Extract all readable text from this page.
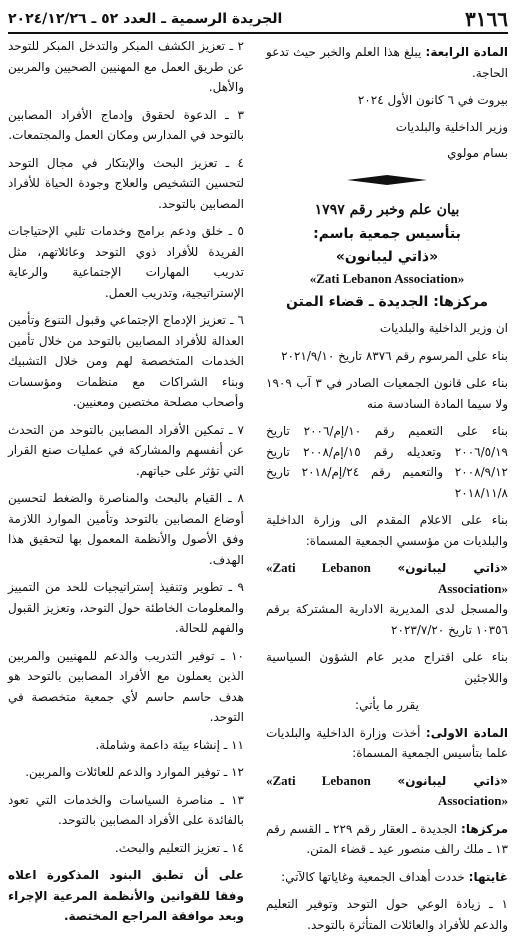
٣١٦٦
الجريدة الرسمية ـ العدد ٥٢ ـ ٢٠٢٤/١٢/٢٦

المادة الرابعة: يبلغ هذا العلم والخبر حيث تدعو الحاجة.

بيروت في ٦ كانون الأول ٢٠٢٤

وزير الداخلية والبلديات

بسام مولوي

بيان علم وخبر رقم ١٧٩٧
بتأسيس جمعية باسم:
«ذاتي ليبانون»
«Zati Lebanon Association»
مركزها: الجديدة ـ قضاء المتن

ان وزير الداخلية والبلديات

بناء على المرسوم رقم ٨٣٧٦ تاريخ ٢٠٢١/٩/١٠

بناء على قانون الجمعيات الصادر في ٣ آب ١٩٠٩ ولا سيما المادة السادسة منه

بناء على التعميم رقم ١٠/إم/٢٠٠٦ تاريخ ٢٠٠٦/٥/١٩ وتعديله رقم ١٥/إم/٢٠٠٨ تاريخ ٢٠٠٨/٩/١٢ والتعميم رقم ٢٤/إم/٢٠١٨ تاريخ ٢٠١٨/١١/٨

بناء على الاعلام المقدم الى وزارة الداخلية والبلديات من مؤسسي الجمعية المسماة:

«ذاتي ليبانون» «Zati Lebanon Association»

والمسجل لدى المديرية الادارية المشتركة برقم ١٠٣٥٦ تاريخ ٢٠٢٣/٧/٢٠

بناء على اقتراح مدير عام الشؤون السياسية واللاجئين

يقرر ما يأتي:

المادة الاولى: أخذت وزارة الداخلية والبلديات علما بتأسيس الجمعية المسماة:

«ذاتي ليبانون» «Zati Lebanon Association»

مركزها: الجديدة ـ العقار رقم ٢٢٩ ـ القسم رقم ١٣ ـ ملك رالف منصور عيد ـ قضاء المتن.

غايتها: خددت أهداف الجمعية وغاياتها كالآتي:

١ ـ زيادة الوعي حول التوحد وتوفير التعليم والدعم للأفراد والعائلات المتأثرة بالتوحد.

٢ ـ تعزيز الكشف المبكر والتدخل المبكر للتوحد عن طريق العمل مع المهنيين الصحيين والمربين والأهل.

٣ ـ الدعوة لحقوق وإدماج الأفراد المصابين بالتوحد في المدارس ومكان العمل والمجتمعات.

٤ ـ تعزيز البحث والإبتكار في مجال التوحد لتحسين التشخيص والعلاج وجودة الحياة للأفراد المصابين بالتوحد.

٥ ـ خلق ودعم برامج وخدمات تلبي الإحتياجات الفريدة للأفراد ذوي التوحد وعائلاتهم، مثل تدريب المهارات الإجتماعية والرعاية الإستراتيجية، وتدريب العمل.

٦ ـ تعزيز الإدماج الإجتماعي وقبول التنوع وتأمين العدالة للأفراد المصابين بالتوحد من خلال تأمين الخدمات المتخصصة لهم ومن خلال التشبيك وبناء الشراكات مع منظمات ومؤسسات وأصحاب مصلحة مختصين ومعنيين.

٧ ـ تمكين الأفراد المصابين بالتوحد من التحدث عن أنفسهم والمشاركة في عمليات صنع القرار التي تؤثر على حياتهم.

٨ ـ القيام بالبحث والمناصرة والضغط لتحسين أوضاع المصابين بالتوحد وتأمين الموارد اللازمة وفق الأصول والأنظمة المعمول بها لتحقيق هذا الهدف.

٩ ـ تطوير وتنفيذ إستراتيجيات للحد من التمييز والمعلومات الخاطئة حول التوحد، وتعزيز القبول والفهم للحالة.

١٠ ـ توفير التدريب والدعم للمهنيين والمربين الذين يعملون مع الأفراد المصابين بالتوحد هو هدف حاسم حاسم لأي جمعية متخصصة في التوحد.

١١ ـ إنشاء بيئة داعمة وشاملة.

١٢ ـ توفير الموارد والدعم للعائلات والمربين.

١٣ ـ مناصرة السياسات والخدمات التي تعود بالفائدة على الأفراد المصابين بالتوحد.

١٤ ـ تعزيز التعليم والبحث.

على أن تطبق البنود المذكورة اعلاه وفقا للقوانين والأنظمة المرعية الإجراء وبعد موافقة المراجع المختصة.
